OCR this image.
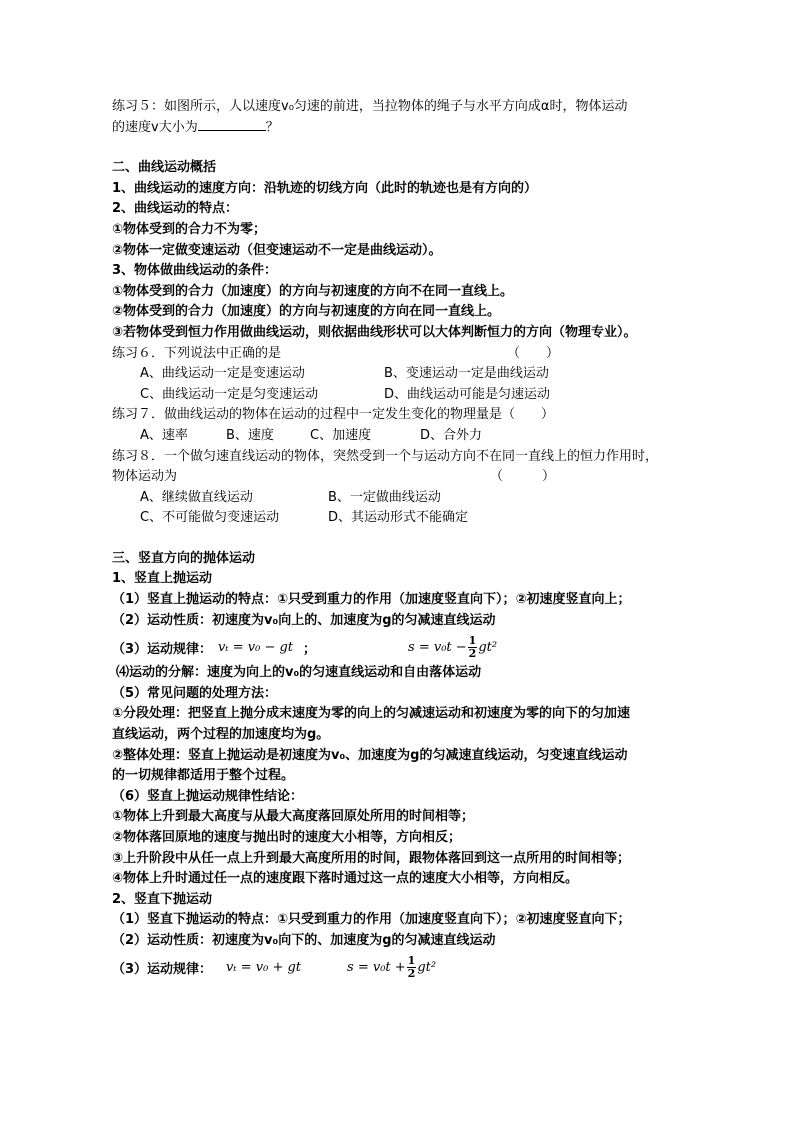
练习５：如图所示，人以速度v₀匀速的前进，当拉物体的绳子与水平方向成α时，物体运动
的速度v大小为	？
二、曲线运动概括
1、曲线运动的速度方向：沿轨迹的切线方向（此时的轨迹也是有方向的）
2、曲线运动的特点：
①物体受到的合力不为零；
②物体一定做变速运动（但变速运动不一定是曲线运动）。
3、物体做曲线运动的条件：
①物体受到的合力（加速度）的方向与初速度的方向不在同一直线上。
②物体受到的合力（加速度）的方向与初速度的方向在同一直线上。
③若物体受到恒力作用做曲线运动，则依据曲线形状可以大体判断恒力的方向（物理专业）。
练习６．下列说法中正确的是	（　　）
A、曲线运动一定是变速运动	B、变速运动一定是曲线运动
C、曲线运动一定是匀变速运动	D、曲线运动可能是匀速运动
练习７．做曲线运动的物体在运动的过程中一定发生变化的物理量是（　　）
A、速率	B、速度	C、加速度	D、合外力
练习８．一个做匀速直线运动的物体，突然受到一个与运动方向不在同一直线上的恒力作用时，
物体运动为	（　　　）
A、继续做直线运动	B、一定做曲线运动
C、不可能做匀变速运动	D、其运动形式不能确定
三、竖直方向的抛体运动
1、竖直上抛运动
（1）竖直上抛运动的特点：①只受到重力的作用（加速度竖直向下）；②初速度竖直向上；
（2）运动性质：初速度为v₀向上的、加速度为g的匀减速直线运动
（3）运动规律： vₜ = v₀ − gt ；	$s = v_0t - \frac{1}{2} gt^2$
⑷运动的分解：速度为向上的v₀的匀速直线运动和自由落体运动
（5）常见问题的处理方法：
①分段处理：把竖直上抛分成末速度为零的向上的匀减速运动和初速度为零的向下的匀加速
直线运动，两个过程的加速度均为g。
②整体处理：竖直上抛运动是初速度为v₀、加速度为g的匀减速直线运动，匀变速直线运动
的一切规律都适用于整个过程。
（6）竖直上抛运动规律性结论：
①物体上升到最大高度与从最大高度落回原处所用的时间相等；
②物体落回原地的速度与抛出时的速度大小相等，方向相反；
③上升阶段中从任一点上升到最大高度所用的时间，跟物体落回到这一点所用的时间相等；
④物体上升时通过任一点的速度跟下落时通过这一点的速度大小相等，方向相反。
2、竖直下抛运动
（1）竖直下抛运动的特点：①只受到重力的作用（加速度竖直向下）；②初速度竖直向下；
（2）运动性质：初速度为v₀向下的、加速度为g的匀减速直线运动
（3）运动规律： vₜ = v₀ + gt	$s = v_0t + \frac{1}{2} gt^2$
